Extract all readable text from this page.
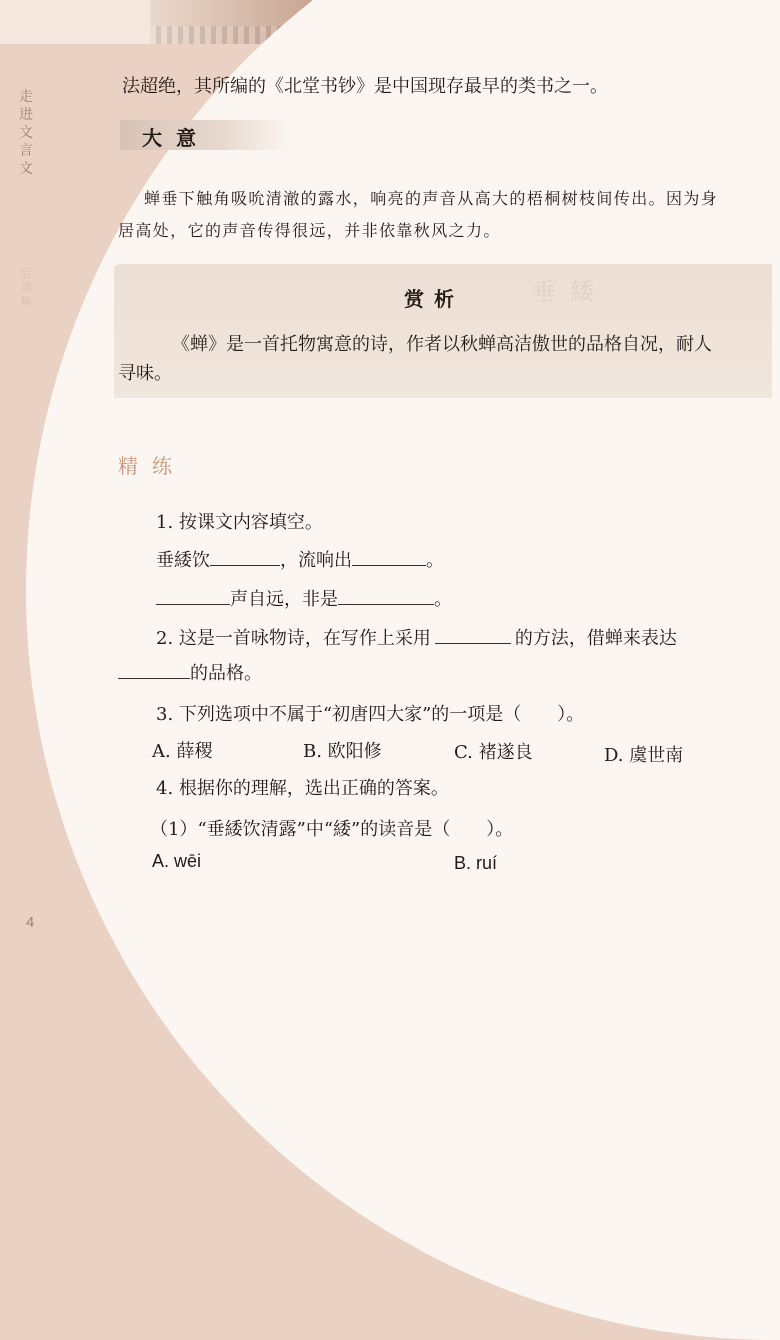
走进文言文
后语解
法超绝，其所编的《北堂书钞》是中国现存最早的类书之一。
大意
蝉垂下触角吸吮清澈的露水，响亮的声音从高大的梧桐树枝间传出。因为身
居高处，它的声音传得很远，并非依靠秋风之力。
垂緌
赏析
《蝉》是一首托物寓意的诗，作者以秋蝉高洁傲世的品格自况，耐人
寻味。
精练
1. 按课文内容填空。
垂緌饮	，流响出	。
声自远，非是	。
2. 这是一首咏物诗，在写作上采用	的方法，借蝉来表达
的品格。
3. 下列选项中不属于“初唐四大家”的一项是（　　）。
A. 薛稷	B. 欧阳修	C. 褚遂良	D. 虞世南
4. 根据你的理解，选出正确的答案。
（1）“垂緌饮清露”中“緌”的读音是（　　）。
A. wēi	B. ruí
4
